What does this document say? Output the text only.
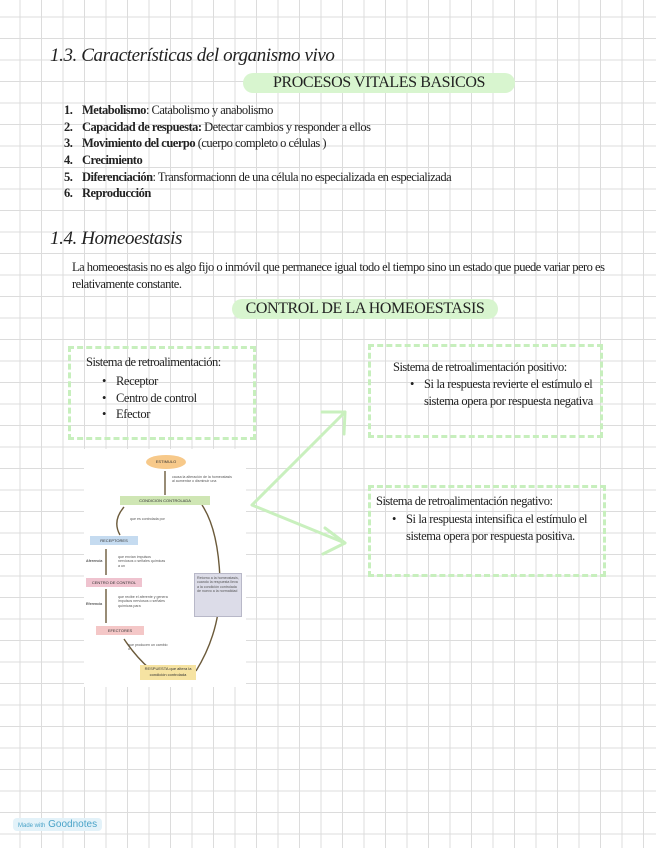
1.3. Características del organismo vivo
PROCESOS VITALES BASICOS
1. Metabolismo: Catabolismo y anabolismo
2. Capacidad de respuesta: Detectar cambios y responder a ellos
3. Movimiento del cuerpo (cuerpo completo o células )
4. Crecimiento
5. Diferenciación: Transformacionn de una célula no especializada en especializada
6. Reproducción
1.4. Homeoestasis
La homeoestasis no es algo fijo o inmóvil que permanece igual todo el tiempo sino un estado que puede variar pero es relativamente constante.
CONTROL DE LA HOMEOESTASIS
Sistema de retroalimentación:
• Receptor
• Centro de control
• Efector
Sistema de retroalimentación positivo:
• Si la respuesta revierte el estímulo el sistema opera por respuesta negativa
Sistema de retroalimentación negativo:
• Si la respuesta intensifica el estímulo el sistema opera por respuesta positiva.
ESTIMULO
causa la alteración de la homeostasis al aumentar o disminuir una
CONDICION CONTROLADA
que es controlada por
RECEPTORES
Aferencia
que envían impulsos nerviosos o señales químicas a un
CENTRO DE CONTROL
Eferencia
que recibe el aferente y genera impulsos nerviosos o señales químicas para
EFECTORES
que producen un cambio o
RESPUESTA que altera la condición controlada
Retorno a la homeostasis, cuando la respuesta lleva a la condición controlada de nuevo a la normalidad
Made with Goodnotes
